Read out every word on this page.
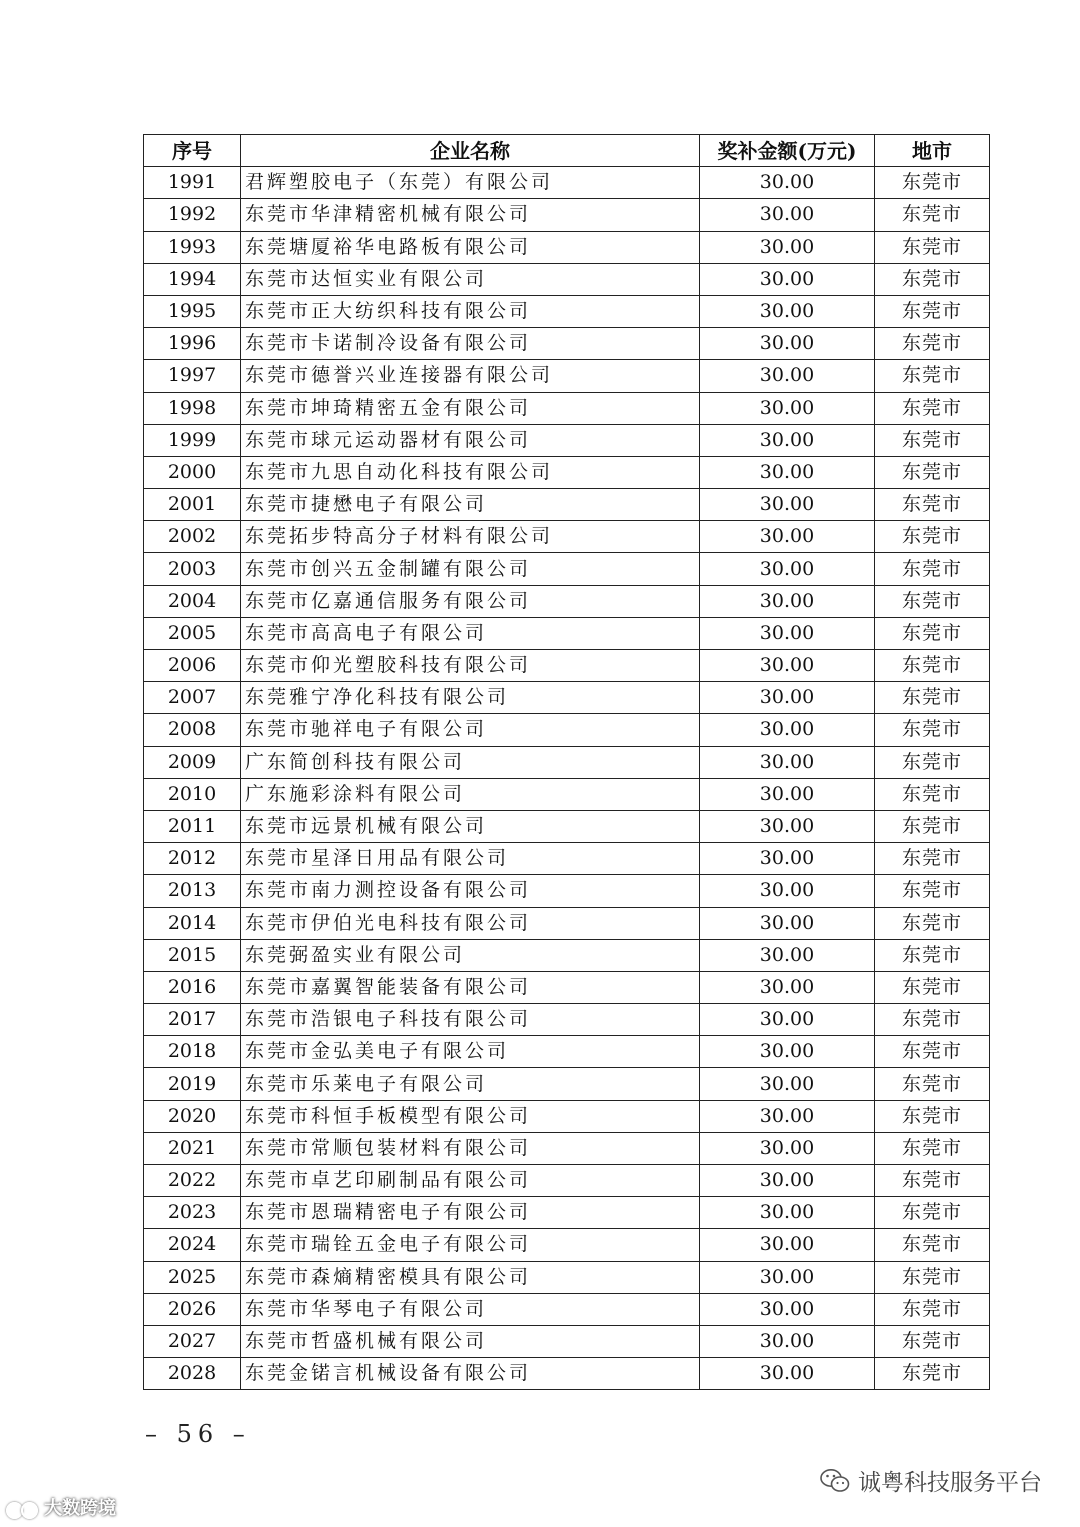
序号	企业名称	奖补金额(万元)	地市
1991	君辉塑胶电子（东莞）有限公司	30.00	东莞市
1992	东莞市华津精密机械有限公司	30.00	东莞市
1993	东莞塘厦裕华电路板有限公司	30.00	东莞市
1994	东莞市达恒实业有限公司	30.00	东莞市
1995	东莞市正大纺织科技有限公司	30.00	东莞市
1996	东莞市卡诺制冷设备有限公司	30.00	东莞市
1997	东莞市德誉兴业连接器有限公司	30.00	东莞市
1998	东莞市坤琦精密五金有限公司	30.00	东莞市
1999	东莞市球元运动器材有限公司	30.00	东莞市
2000	东莞市九思自动化科技有限公司	30.00	东莞市
2001	东莞市捷懋电子有限公司	30.00	东莞市
2002	东莞拓步特高分子材料有限公司	30.00	东莞市
2003	东莞市创兴五金制罐有限公司	30.00	东莞市
2004	东莞市亿嘉通信服务有限公司	30.00	东莞市
2005	东莞市高高电子有限公司	30.00	东莞市
2006	东莞市仰光塑胶科技有限公司	30.00	东莞市
2007	东莞雅宁净化科技有限公司	30.00	东莞市
2008	东莞市驰祥电子有限公司	30.00	东莞市
2009	广东简创科技有限公司	30.00	东莞市
2010	广东施彩涂料有限公司	30.00	东莞市
2011	东莞市远景机械有限公司	30.00	东莞市
2012	东莞市星泽日用品有限公司	30.00	东莞市
2013	东莞市南力测控设备有限公司	30.00	东莞市
2014	东莞市伊伯光电科技有限公司	30.00	东莞市
2015	东莞弼盈实业有限公司	30.00	东莞市
2016	东莞市嘉翼智能装备有限公司	30.00	东莞市
2017	东莞市浩银电子科技有限公司	30.00	东莞市
2018	东莞市金弘美电子有限公司	30.00	东莞市
2019	东莞市乐莱电子有限公司	30.00	东莞市
2020	东莞市科恒手板模型有限公司	30.00	东莞市
2021	东莞市常顺包装材料有限公司	30.00	东莞市
2022	东莞市卓艺印刷制品有限公司	30.00	东莞市
2023	东莞市恩瑞精密电子有限公司	30.00	东莞市
2024	东莞市瑞铨五金电子有限公司	30.00	东莞市
2025	东莞市森熵精密模具有限公司	30.00	东莞市
2026	东莞市华琴电子有限公司	30.00	东莞市
2027	东莞市哲盛机械有限公司	30.00	东莞市
2028	东莞金锘言机械设备有限公司	30.00	东莞市
– 56 –
大数跨境
诚粤科技服务平台
